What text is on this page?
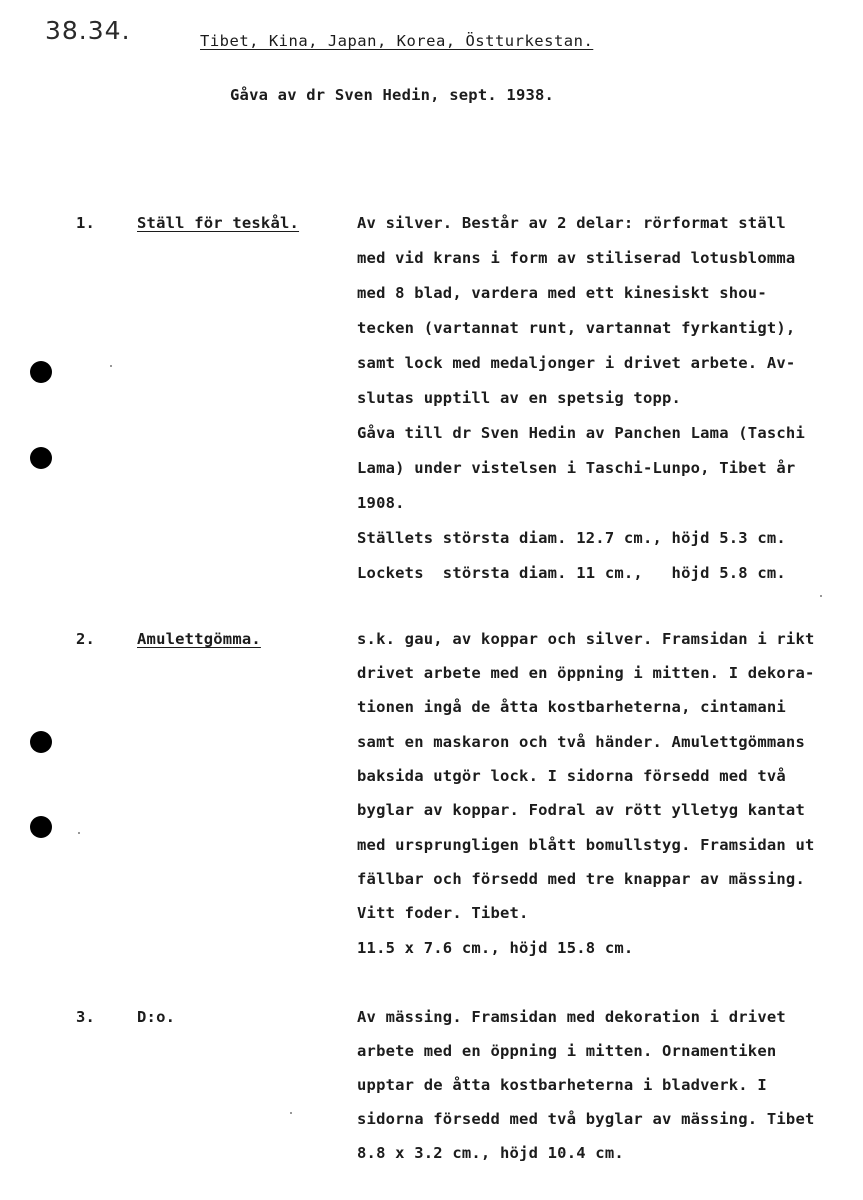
38.34.	Tibet, Kina, Japan, Korea, Östturkestan.
Gåva av dr Sven Hedin, sept. 1938.
1.	Ställ för teskål.	Av silver. Består av 2 delar: rörformat ställ
med vid krans i form av stiliserad lotusblomma
med 8 blad, vardera med ett kinesiskt shou-
tecken (vartannat runt, vartannat fyrkantigt),
samt lock med medaljonger i drivet arbete. Av-
slutas upptill av en spetsig topp.
Gåva till dr Sven Hedin av Panchen Lama (Taschi
Lama) under vistelsen i Taschi-Lunpo, Tibet år
1908.
Ställets största diam. 12.7 cm., höjd 5.3 cm.
Lockets  största diam. 11 cm.,   höjd 5.8 cm.
2.	Amulettgömma.	s.k. gau, av koppar och silver. Framsidan i rikt
drivet arbete med en öppning i mitten. I dekora-
tionen ingå de åtta kostbarheterna, cintamani
samt en maskaron och två händer. Amulettgömmans
baksida utgör lock. I sidorna försedd med två
byglar av koppar. Fodral av rött ylletyg kantat
med ursprungligen blått bomullstyg. Framsidan ut
fällbar och försedd med tre knappar av mässing.
Vitt foder. Tibet.
11.5 x 7.6 cm., höjd 15.8 cm.
3.	D:o.	Av mässing. Framsidan med dekoration i drivet
arbete med en öppning i mitten. Ornamentiken
upptar de åtta kostbarheterna i bladverk. I
sidorna försedd med två byglar av mässing. Tibet
8.8 x 3.2 cm., höjd 10.4 cm.
